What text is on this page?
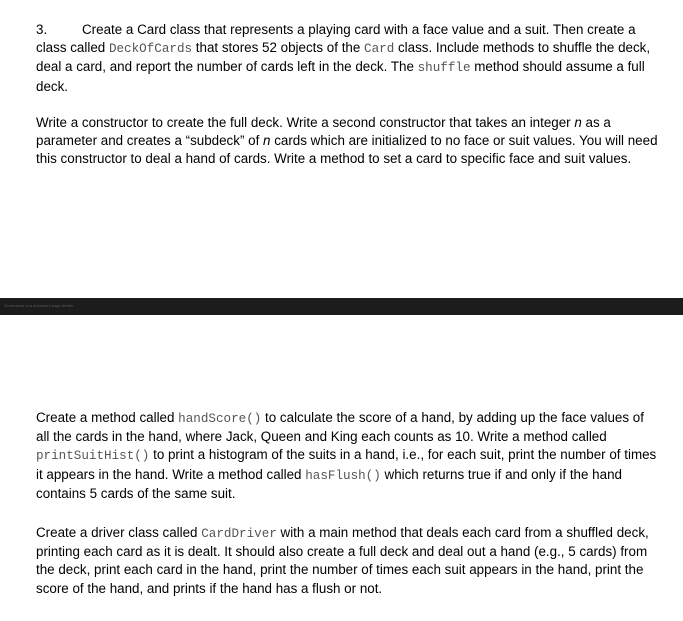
3.	Create a Card class that represents a playing card with a face value and a suit. Then create a class called DeckOfCards that stores 52 objects of the Card class. Include methods to shuffle the deck, deal a card, and report the number of cards left in the deck. The shuffle method should assume a full deck.

Write a constructor to create the full deck. Write a second constructor that takes an integer n as a parameter and creates a “subdeck” of n cards which are initialized to no face or suit values. You will need this constructor to deal a hand of cards. Write a method to set a card to specific face and suit values.

Screenshot of a document page divider

Create a method called handScore() to calculate the score of a hand, by adding up the face values of all the cards in the hand, where Jack, Queen and King each counts as 10. Write a method called printSuitHist() to print a histogram of the suits in a hand, i.e., for each suit, print the number of times it appears in the hand. Write a method called hasFlush() which returns true if and only if the hand contains 5 cards of the same suit.

Create a driver class called CardDriver with a main method that deals each card from a shuffled deck, printing each card as it is dealt. It should also create a full deck and deal out a hand (e.g., 5 cards) from the deck, print each card in the hand, print the number of times each suit appears in the hand, print the score of the hand, and prints if the hand has a flush or not.
